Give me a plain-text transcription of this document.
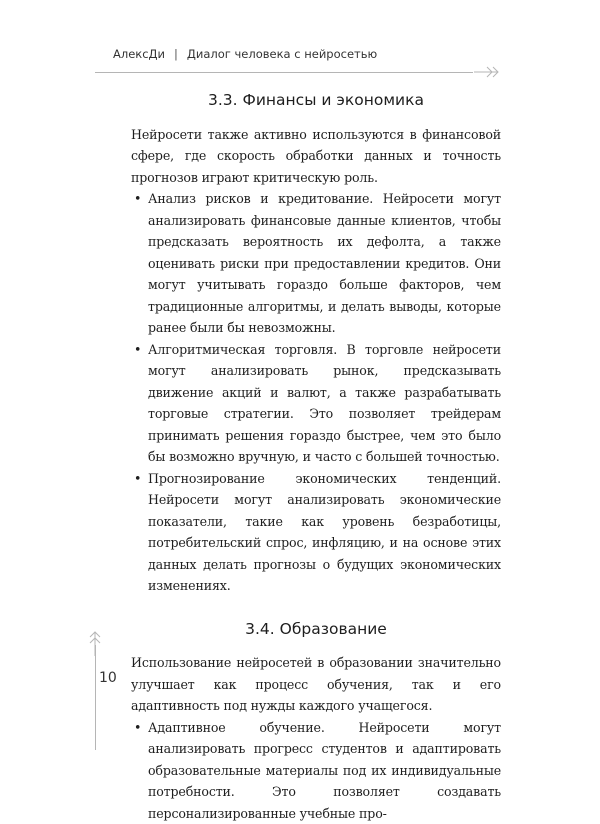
АлексДи | Диалог человека с нейросетью
3.3. Финансы и экономика

Нейросети также активно используются в финансовой сфере, где скорость обработки данных и точность прогнозов играют критическую роль.

• Анализ рисков и кредитование. Нейросети могут анализировать финансовые данные клиентов, чтобы предсказать вероятность их дефолта, а также оценивать риски при предоставлении кредитов. Они могут учитывать гораздо больше факторов, чем традиционные алгоритмы, и делать выводы, которые ранее были бы невозможны.
• Алгоритмическая торговля. В торговле нейросети могут анализировать рынок, предсказывать движение акций и валют, а также разрабатывать торговые стратегии. Это позволяет трейдерам принимать решения гораздо быстрее, чем это было бы возможно вручную, и часто с большей точностью.
• Прогнозирование экономических тенденций. Нейросети могут анализировать экономические показатели, такие как уровень безработицы, потребительский спрос, инфляцию, и на основе этих данных делать прогнозы о будущих экономических изменениях.
3.4. Образование

Использование нейросетей в образовании значительно улучшает как процесс обучения, так и его адаптивность под нужды каждого учащегося.

• Адаптивное обучение. Нейросети могут анализировать прогресс студентов и адаптировать образовательные материалы под их индивидуальные потребности. Это позволяет создавать персонализированные учебные про-
10
